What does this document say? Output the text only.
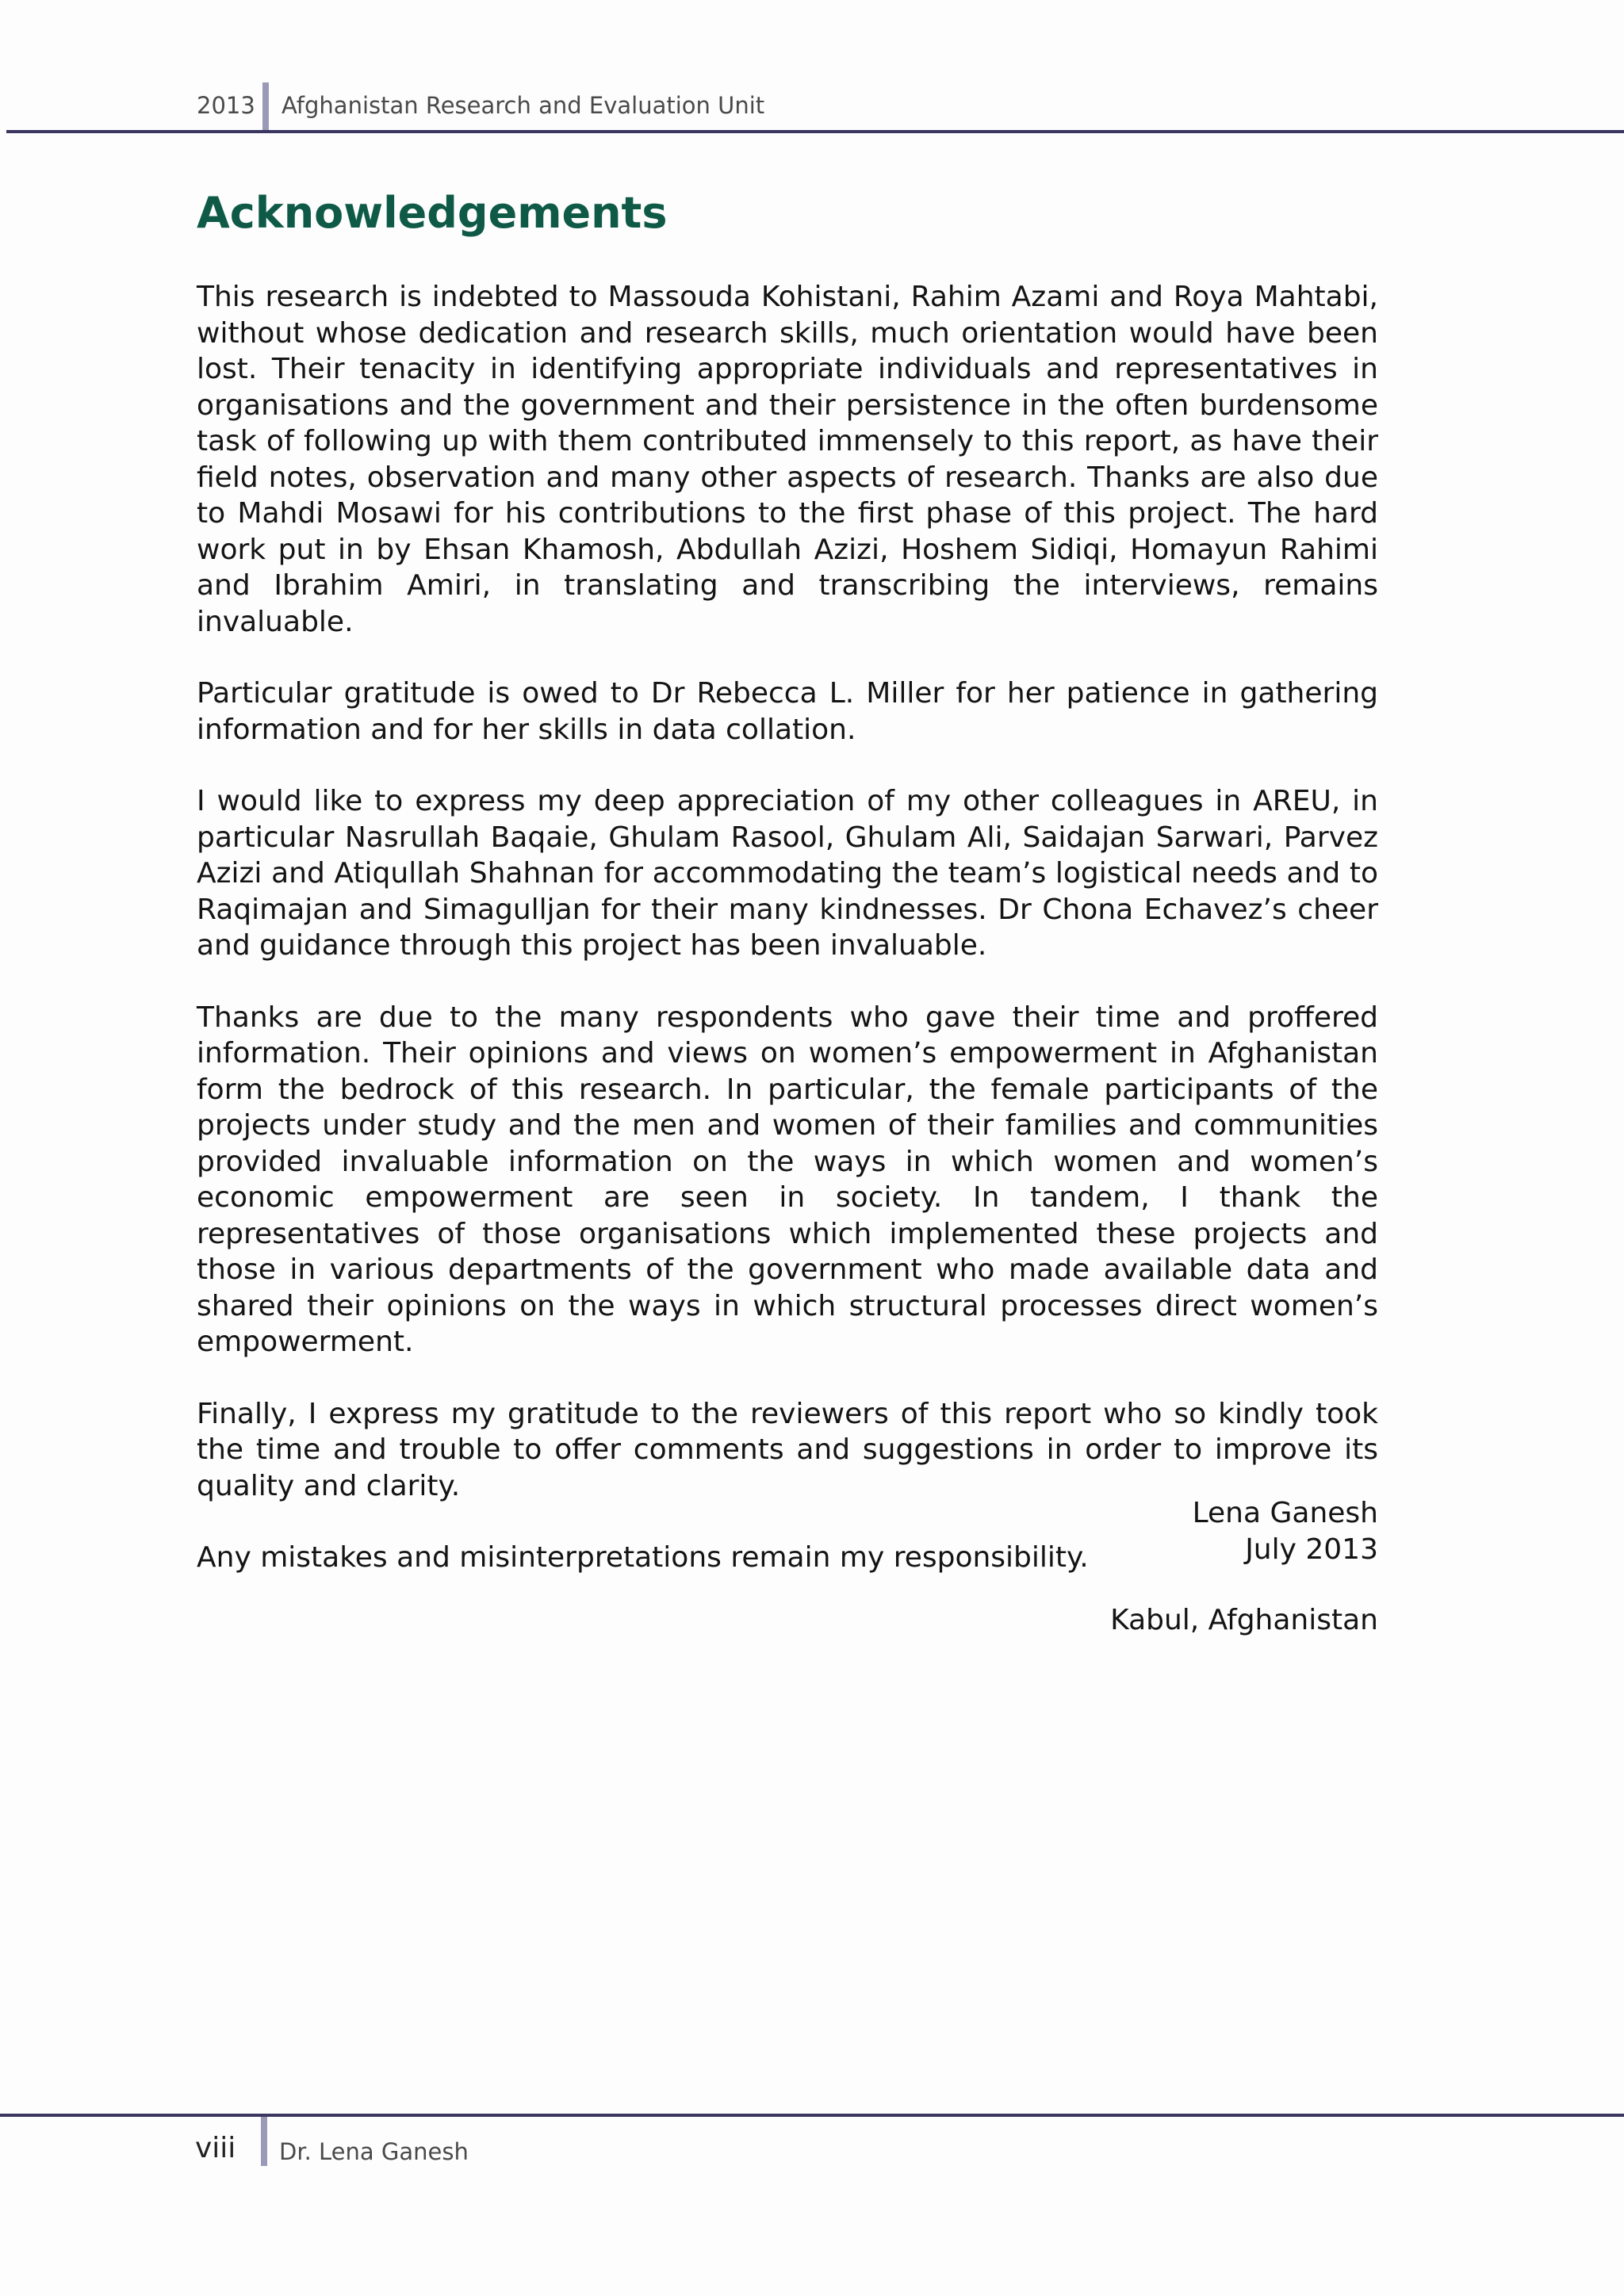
2013 Afghanistan Research and Evaluation Unit
Acknowledgements

This research is indebted to Massouda Kohistani, Rahim Azami and Roya Mahtabi, without whose dedication and research skills, much orientation would have been lost. Their tenacity in identifying appropriate individuals and representatives in organisations and the government and their persistence in the often burdensome task of following up with them contributed immensely to this report, as have their field notes, observation and many other aspects of research. Thanks are also due to Mahdi Mosawi for his contributions to the first phase of this project. The hard work put in by Ehsan Khamosh, Abdullah Azizi, Hoshem Sidiqi, Homayun Rahimi and Ibrahim Amiri, in translating and transcribing the interviews, remains invaluable.

Particular gratitude is owed to Dr Rebecca L. Miller for her patience in gathering information and for her skills in data collation.

I would like to express my deep appreciation of my other colleagues in AREU, in particular Nasrullah Baqaie, Ghulam Rasool, Ghulam Ali, Saidajan Sarwari, Parvez Azizi and Atiqullah Shahnan for accommodating the team’s logistical needs and to Raqimajan and Simagulljan for their many kindnesses. Dr Chona Echavez’s cheer and guidance through this project has been invaluable.

Thanks are due to the many respondents who gave their time and proffered information. Their opinions and views on women’s empowerment in Afghanistan form the bedrock of this research. In particular, the female participants of the projects under study and the men and women of their families and communities provided invaluable information on the ways in which women and women’s economic empowerment are seen in society. In tandem, I thank the representatives of those organisations which implemented these projects and those in various departments of the government who made available data and shared their opinions on the ways in which structural processes direct women’s empowerment.

Finally, I express my gratitude to the reviewers of this report who so kindly took the time and trouble to offer comments and suggestions in order to improve its quality and clarity.

Any mistakes and misinterpretations remain my responsibility.

Lena Ganesh
July 2013
Kabul, Afghanistan
viii Dr. Lena Ganesh
